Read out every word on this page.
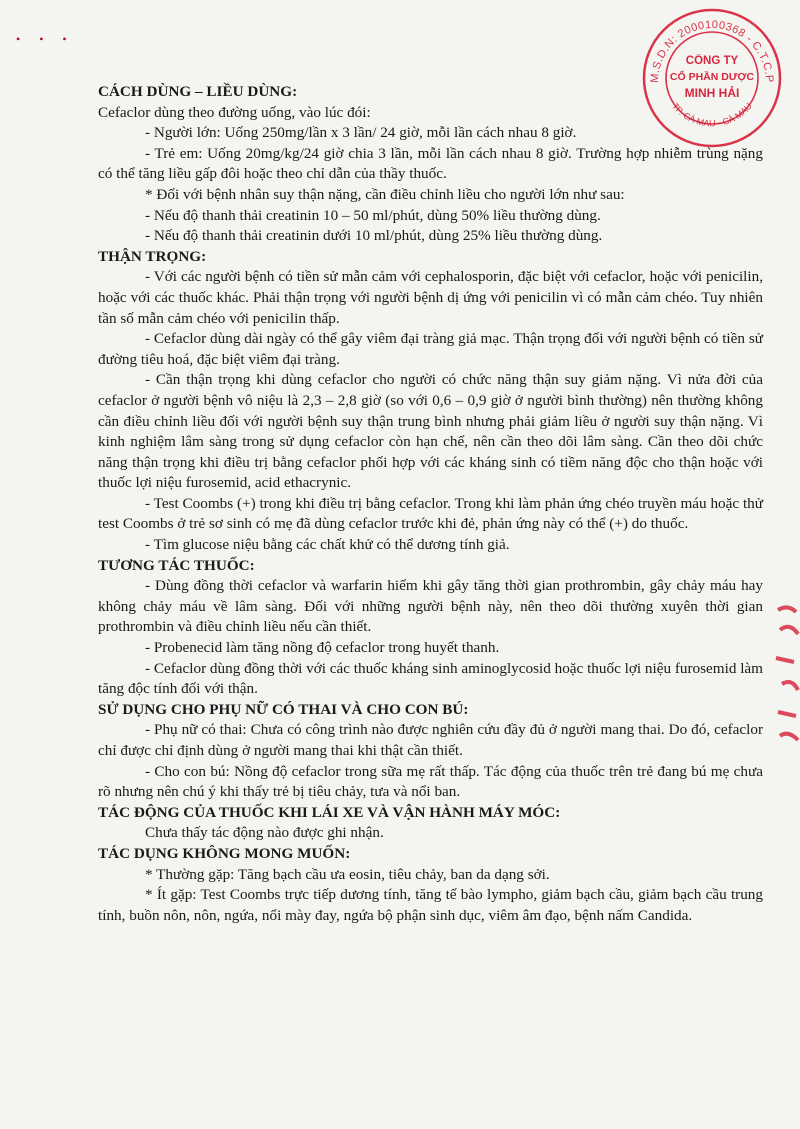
• • •
M.S.D.N: 2000100368 - C.T.C.P
TP. CÀ MAU - CÀ MAU
CÔNG TY
CỔ PHẦN DƯỢC
MINH HẢI

CÁCH DÙNG – LIỀU DÙNG:

Cefaclor dùng theo đường uống, vào lúc đói:

- Người lớn: Uống 250mg/lần x 3 lần/ 24 giờ, mỗi lần cách nhau 8 giờ.

- Trẻ em: Uống 20mg/kg/24 giờ chia 3 lần, mỗi lần cách nhau 8 giờ. Trường hợp nhiễm trùng nặng có thể tăng liều gấp đôi hoặc theo chỉ dẫn của thầy thuốc.

* Đối với bệnh nhân suy thận nặng, cần điều chỉnh liều cho người lớn như sau:

- Nếu độ thanh thải creatinin 10 – 50 ml/phút, dùng 50% liều thường dùng.

- Nếu độ thanh thải creatinin dưới 10 ml/phút, dùng 25% liều thường dùng.

THẬN TRỌNG:

- Với các người bệnh có tiền sử mẫn cảm với cephalosporin, đặc biệt với cefaclor, hoặc với penicilin, hoặc với các thuốc khác. Phải thận trọng với người bệnh dị ứng với penicilin vì có mẫn cảm chéo. Tuy nhiên tần số mẫn cảm chéo với penicilin thấp.

- Cefaclor dùng dài ngày có thể gây viêm đại tràng giả mạc. Thận trọng đối với người bệnh có tiền sử đường tiêu hoá, đặc biệt viêm đại tràng.

- Cần thận trọng khi dùng cefaclor cho người có chức năng thận suy giảm nặng. Vì nửa đời của cefaclor ở người bệnh vô niệu là 2,3 – 2,8 giờ (so với 0,6 – 0,9 giờ ở người bình thường) nên thường không cần điều chỉnh liều đối với người bệnh suy thận trung bình nhưng phải giảm liều ở người suy thận nặng. Vì kinh nghiệm lâm sàng trong sử dụng cefaclor còn hạn chế, nên cần theo dõi lâm sàng. Cần theo dõi chức năng thận trọng khi điều trị bằng cefaclor phối hợp với các kháng sinh có tiềm năng độc cho thận hoặc với thuốc lợi niệu furosemid, acid ethacrynic.

- Test Coombs (+) trong khi điều trị bằng cefaclor. Trong khi làm phản ứng chéo truyền máu hoặc thử test Coombs ở trẻ sơ sinh có mẹ đã dùng cefaclor trước khi đẻ, phản ứng này có thể (+) do thuốc.

- Tìm glucose niệu bằng các chất khử có thể dương tính giả.

TƯƠNG TÁC THUỐC:

- Dùng đồng thời cefaclor và warfarin hiếm khi gây tăng thời gian prothrombin, gây chảy máu hay không chảy máu về lâm sàng. Đối với những người bệnh này, nên theo dõi thường xuyên thời gian prothrombin và điều chỉnh liều nếu cần thiết.

- Probenecid làm tăng nồng độ cefaclor trong huyết thanh.

- Cefaclor dùng đồng thời với các thuốc kháng sinh aminoglycosid hoặc thuốc lợi niệu furosemid làm tăng độc tính đối với thận.

SỬ DỤNG CHO PHỤ NỮ CÓ THAI VÀ CHO CON BÚ:

- Phụ nữ có thai: Chưa có công trình nào được nghiên cứu đầy đủ ở người mang thai. Do đó, cefaclor chỉ được chỉ định dùng ở người mang thai khi thật cần thiết.

- Cho con bú: Nồng độ cefaclor trong sữa mẹ rất thấp. Tác động của thuốc trên trẻ đang bú mẹ chưa rõ nhưng nên chú ý khi thấy trẻ bị tiêu chảy, tưa và nổi ban.

TÁC ĐỘNG CỦA THUỐC KHI LÁI XE VÀ VẬN HÀNH MÁY MÓC:

Chưa thấy tác động nào được ghi nhận.

TÁC DỤNG KHÔNG MONG MUỐN:

* Thường gặp: Tăng bạch cầu ưa eosin, tiêu chảy, ban da dạng sởi.

* Ít gặp: Test Coombs trực tiếp dương tính, tăng tế bào lympho, giảm bạch cầu, giảm bạch cầu trung tính, buồn nôn, nôn, ngứa, nổi mày đay, ngứa bộ phận sinh dục, viêm âm đạo, bệnh nấm Candida.
